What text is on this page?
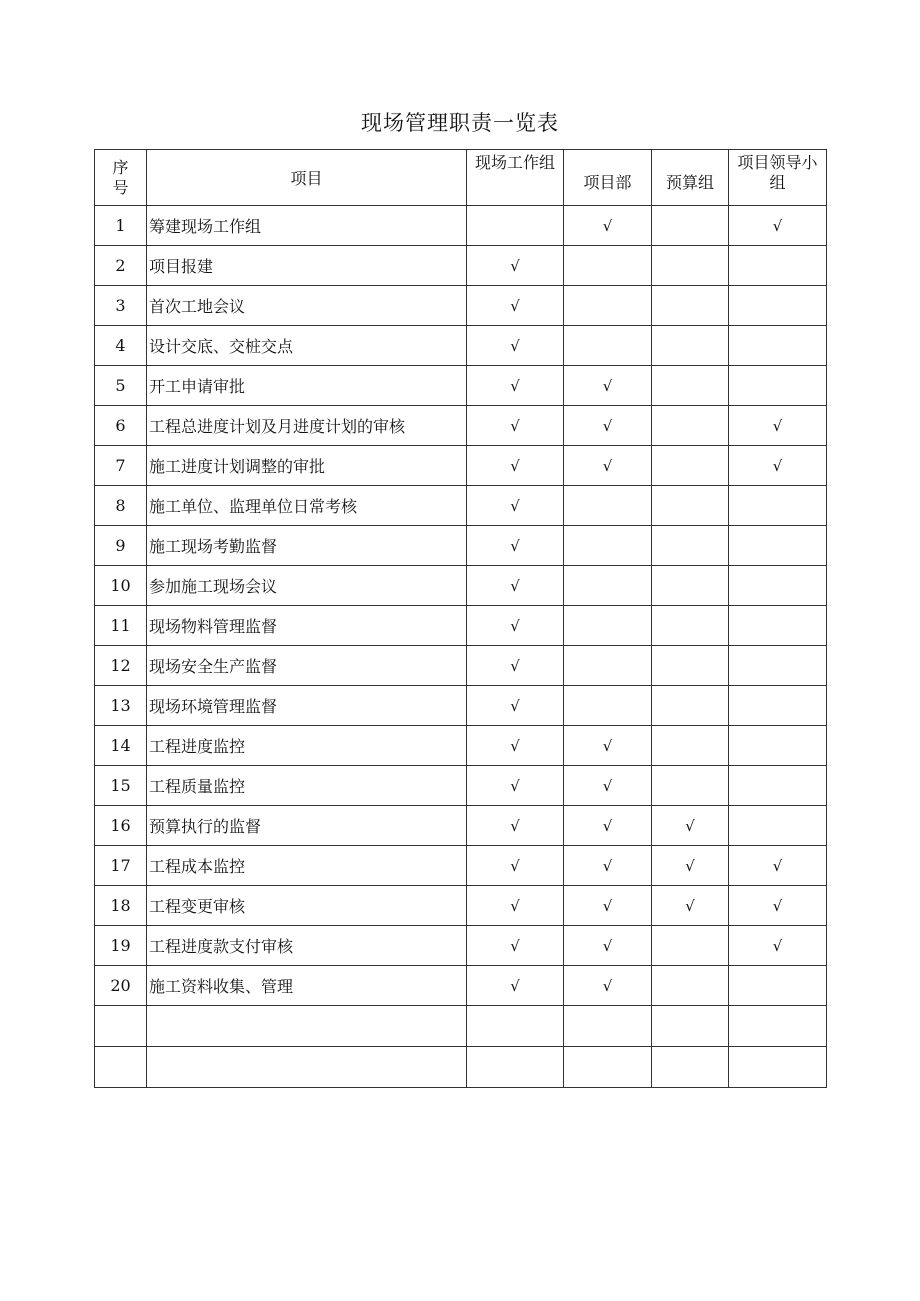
现场管理职责一览表
序
号	项目	现场工作组	项目部	预算组	项目领导小
组
1	筹建现场工作组		√		√
2	项目报建	√			
3	首次工地会议	√			
4	设计交底、交桩交点	√			
5	开工申请审批	√	√		
6	工程总进度计划及月进度计划的审核	√	√		√
7	施工进度计划调整的审批	√	√		√
8	施工单位、监理单位日常考核	√			
9	施工现场考勤监督	√			
10	参加施工现场会议	√			
11	现场物料管理监督	√			
12	现场安全生产监督	√			
13	现场环境管理监督	√			
14	工程进度监控	√	√		
15	工程质量监控	√	√		
16	预算执行的监督	√	√	√	
17	工程成本监控	√	√	√	√
18	工程变更审核	√	√	√	√
19	工程进度款支付审核	√	√		√
20	施工资料收集、管理	√	√		
